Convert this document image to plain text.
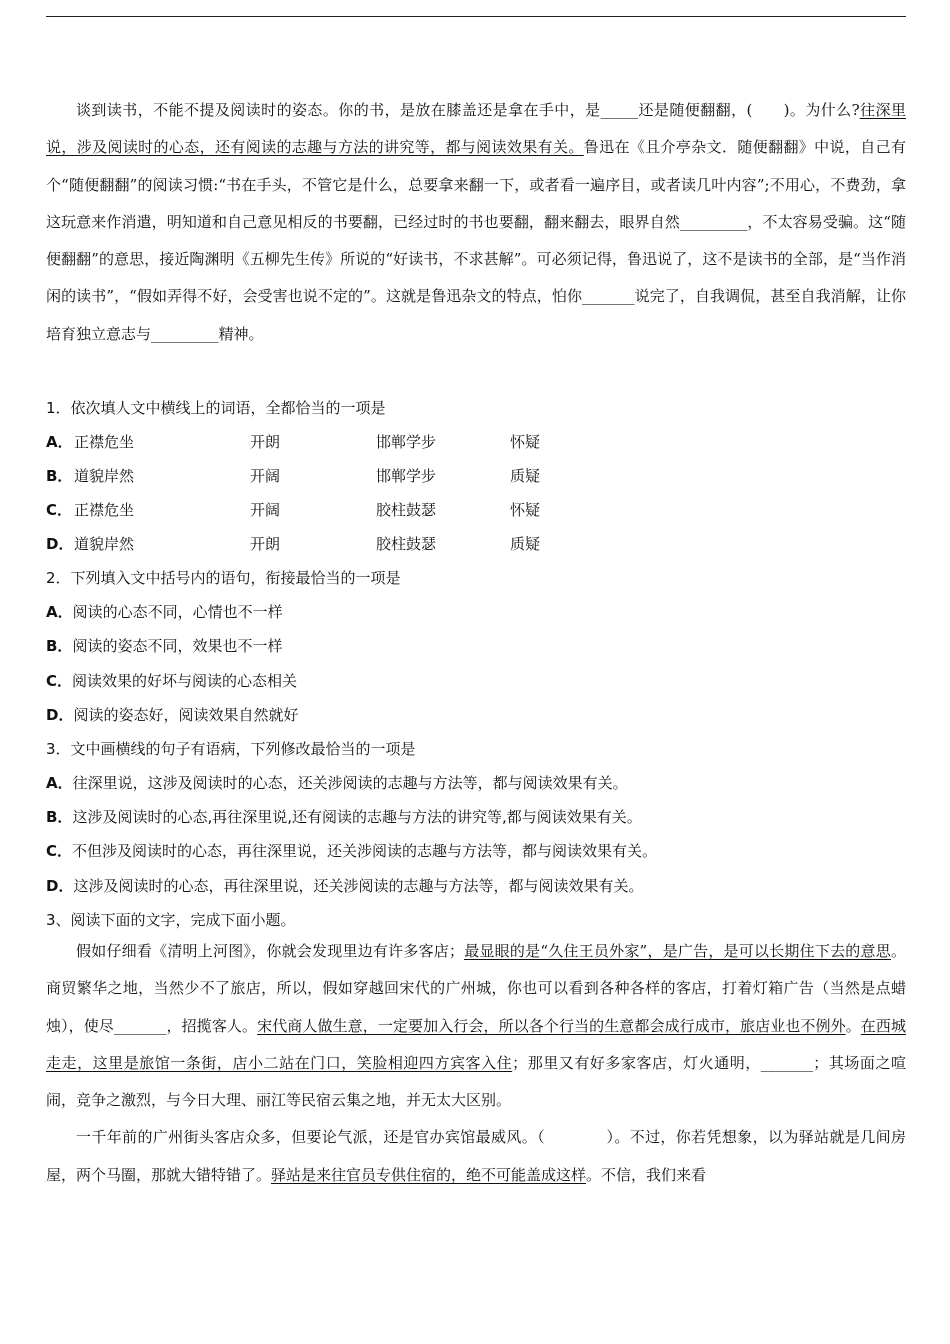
谈到读书，不能不提及阅读时的姿态。你的书，是放在膝盖还是拿在手中，是_____还是随便翻翻，(　　)。为什么?往深里说，涉及阅读时的心态，还有阅读的志趣与方法的讲究等，都与阅读效果有关。鲁迅在《且介亭杂文．随便翻翻》中说，自己有个“随便翻翻”的阅读习惯:“书在手头，不管它是什么，总要拿来翻一下，或者看一遍序目，或者读几叶内容”;不用心，不费劲，拿这玩意来作消遣，明知道和自己意见相反的书要翻，已经过时的书也要翻，翻来翻去，眼界自然_________，不太容易受骗。这“随便翻翻”的意思，接近陶渊明《五柳先生传》所说的“好读书，不求甚解”。可必须记得，鲁迅说了，这不是读书的全部，是“当作消闲的读书”，“假如弄得不好，会受害也说不定的”。这就是鲁迅杂文的特点，怕你_______说完了，自我调侃，甚至自我消解，让你培育独立意志与_________精神。

1．依次填人文中横线上的词语，全都恰当的一项是
A． 正襟危坐	开朗	邯郸学步	怀疑
B． 道貌岸然	开阔	邯郸学步	质疑
C． 正襟危坐	开阔	胶柱鼓瑟	怀疑
D． 道貌岸然	开朗	胶柱鼓瑟	质疑
2．下列填入文中括号内的语句，衔接最恰当的一项是
A．阅读的心态不同，心情也不一样
B．阅读的姿态不同，效果也不一样
C．阅读效果的好坏与阅读的心态相关
D．阅读的姿态好，阅读效果自然就好
3．文中画横线的句子有语病，下列修改最恰当的一项是
A．往深里说，这涉及阅读时的心态，还关涉阅读的志趣与方法等，都与阅读效果有关。
B．这涉及阅读时的心态,再往深里说,还有阅读的志趣与方法的讲究等,都与阅读效果有关。
C．不但涉及阅读时的心态，再往深里说，还关涉阅读的志趣与方法等，都与阅读效果有关。
D．这涉及阅读时的心态，再往深里说，还关涉阅读的志趣与方法等，都与阅读效果有关。
3、阅读下面的文字，完成下面小题。

假如仔细看《清明上河图》，你就会发现里边有许多客店；最显眼的是“久住王员外家”，是广告，是可以长期住下去的意思。商贸繁华之地，当然少不了旅店，所以，假如穿越回宋代的广州城，你也可以看到各种各样的客店，打着灯箱广告（当然是点蜡烛），使尽_______，招揽客人。宋代商人做生意，一定要加入行会，所以各个行当的生意都会成行成市，旅店业也不例外。在西城走走，这里是旅馆一条街，店小二站在门口，笑脸相迎四方宾客入住；那里又有好多家客店，灯火通明，_______；其场面之喧闹，竞争之激烈，与今日大理、丽江等民宿云集之地，并无太大区别。

一千年前的广州街头客店众多，但要论气派，还是官办宾馆最威风。（　　　　）。不过，你若凭想象，以为驿站就是几间房屋，两个马圈，那就大错特错了。驿站是来往官员专供住宿的，绝不可能盖成这样。不信，我们来看
